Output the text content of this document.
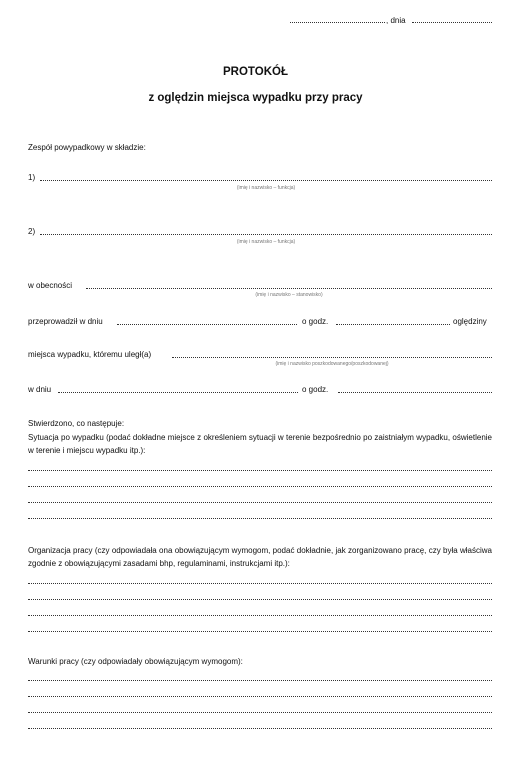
, dnia
PROTOKÓŁ
z oględzin miejsca wypadku przy pracy
Zespół powypadkowy w składzie:
1)
(imię i nazwisko – funkcja)
2)
(imię i nazwisko – funkcja)
w obecności
(imię i nazwisko – stanowisko)
przeprowadził w dniu	o godz.	oględziny
miejsca wypadku, któremu uległ(a)
(imię i nazwisko poszkodowanego/poszkodowanej)
w dniu	o godz.
Stwierdzono, co następuje:
Sytuacja po wypadku (podać dokładne miejsce z określeniem sytuacji w terenie bezpośrednio po zaistniałym wypadku, oświetlenie w terenie i miejscu wypadku itp.):
Organizacja pracy (czy odpowiadała ona obowiązującym wymogom, podać dokładnie, jak zorganizowano pracę, czy była właściwa zgodnie z obowiązującymi zasadami bhp, regulaminami, instrukcjami itp.):
Warunki pracy (czy odpowiadały obowiązującym wymogom):
